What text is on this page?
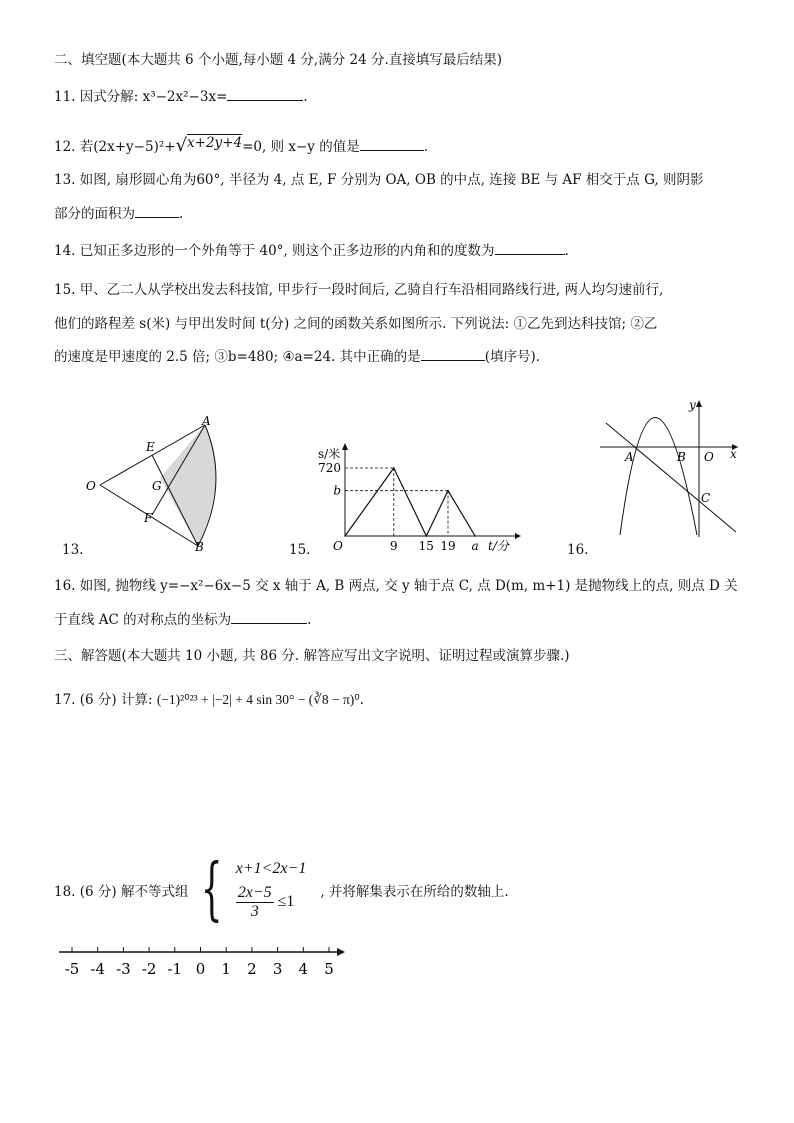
二、填空题(本大题共 6 个小题,每小题 4 分,满分 24 分.直接填写最后结果)
11. 因式分解: x³−2x²−3x=	.
12. 若(2x+y−5)²+√x+2y+4=0, 则 x−y 的值是	.
13. 如图, 扇形圆心角为60°, 半径为 4, 点 E, F 分别为 OA, OB 的中点, 连接 BE 与 AF 相交于点 G, 则阴影
部分的面积为	.
14. 已知正多边形的一个外角等于 40°, 则这个正多边形的内角和的度数为	.
15. 甲、乙二人从学校出发去科技馆, 甲步行一段时间后, 乙骑自行车沿相同路线行进, 两人均匀速前行,
他们的路程差 s(米) 与甲出发时间 t(分) 之间的函数关系如图所示. 下列说法: ①乙先到达科技馆; ②乙
的速度是甲速度的 2.5 倍; ③b=480; ④a=24. 其中正确的是	(填序号).
A
E
O	G
F
B
13.
s/米
t/分
O
720
b
9 15 19 a
15.
A	B O
C
x
y
16.
16. 如图, 抛物线 y=−x²−6x−5 交 x 轴于 A, B 两点, 交 y 轴于点 C, 点 D(m, m+1) 是抛物线上的点, 则点 D 关
于直线 AC 的对称点的坐标为	.
三、解答题(本大题共 10 小题, 共 86 分. 解答应写出文字说明、证明过程或演算步骤.)
17. (6 分) 计算: (−1)²⁰²³ + |−2| + 4 sin 30° − (∛8 − π)⁰.
18. (6 分) 解不等式组 { x+1<2x−1
$\frac{2x-5}{3} \le 1$
, 并将解集表示在所给的数轴上.
-5 -4 -3 -2 -1 0 1 2 3 4 5
